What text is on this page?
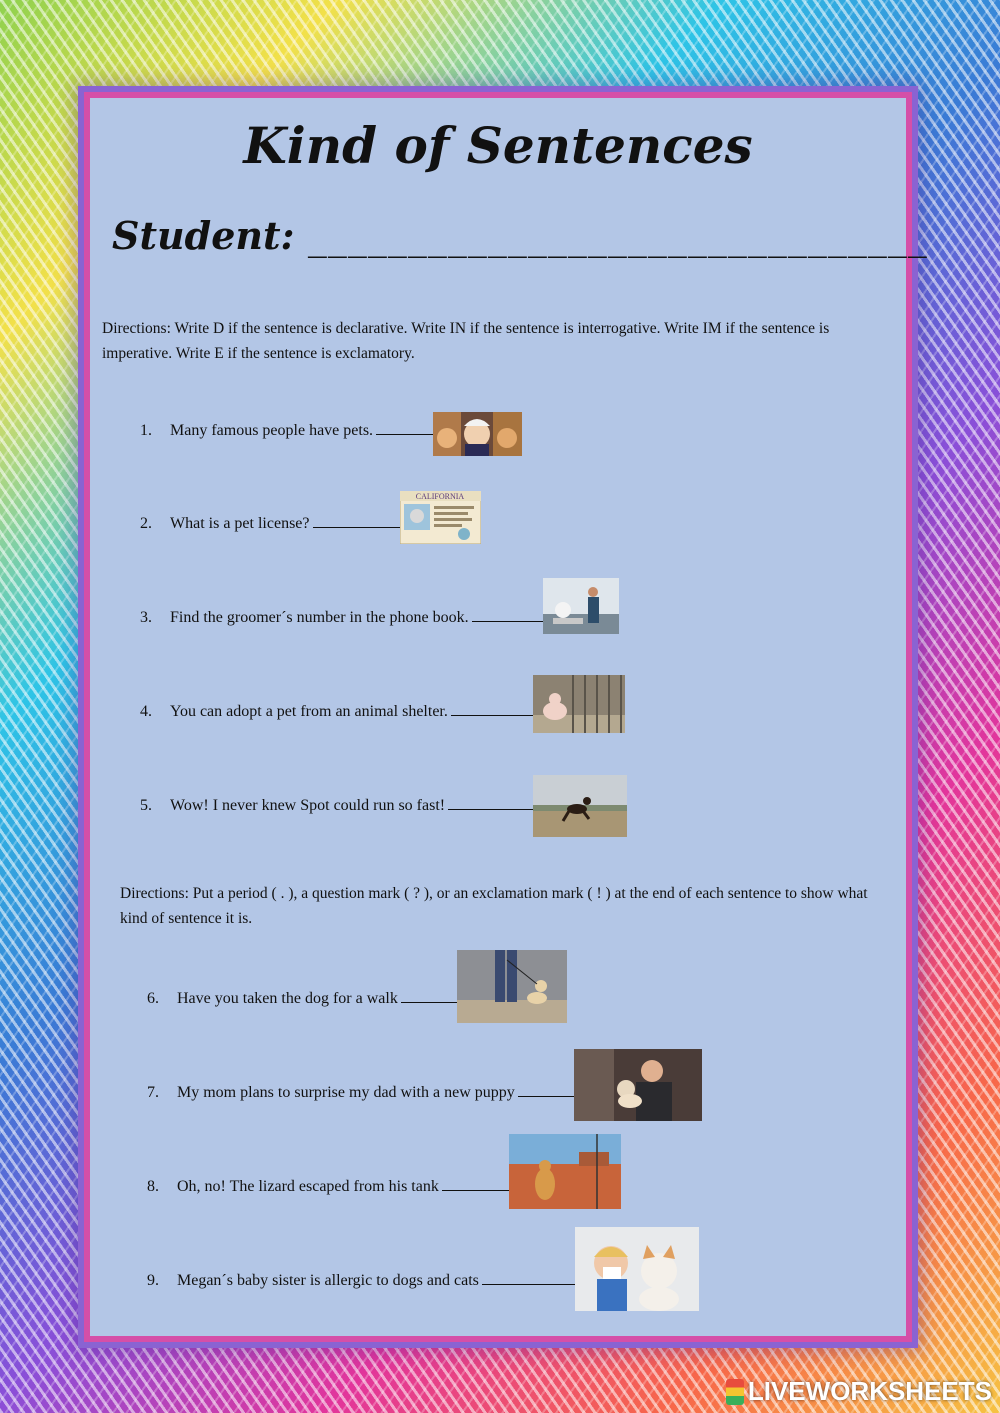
Kind of Sentences
Student: _______________________________
Directions: Write D if the sentence is declarative. Write IN if the sentence is interrogative. Write IM if the sentence is imperative. Write E if the sentence is exclamatory.
1. Many famous people have pets.
2. What is a pet license?
CALIFORNIA
3. Find the groomer´s number in the phone book.
4. You can adopt a pet from an animal shelter.
5. Wow! I never knew Spot could run so fast!
Directions: Put a period ( . ), a question mark ( ? ), or an exclamation mark ( ! ) at the end of each sentence to show what kind of sentence it is.
6. Have you taken the dog for a walk
7. My mom plans to surprise my dad with a new puppy
8. Oh, no! The lizard escaped from his tank
9. Megan´s baby sister is allergic to dogs and cats
LIVEWORKSHEETS
